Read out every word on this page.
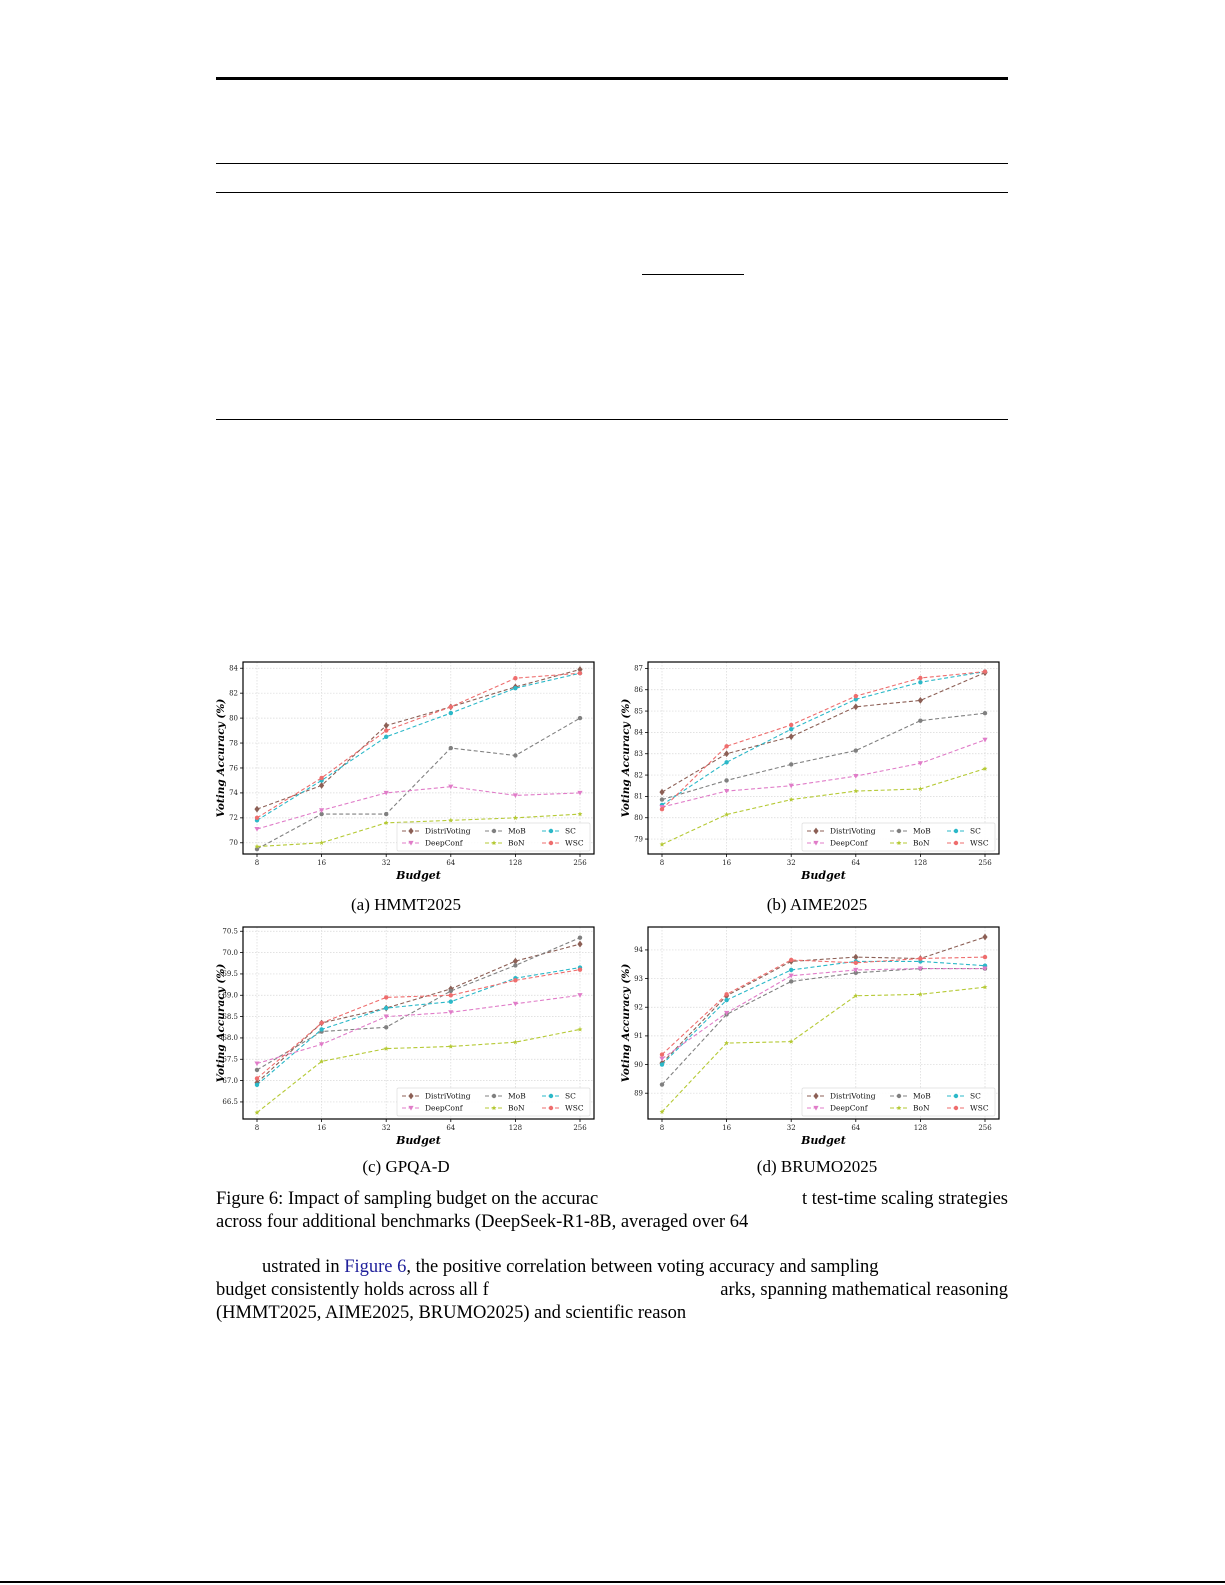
70
72
74
76
78
80
82
84
8	16	32	64	128	256
Budget
Voting Accuracy (%)
DistriVoting	MoB	SC
DeepConf	BoN	WSC
(a) HMMT2025
79
80
81
82
83
84
85
86
87
8	16	32	64	128	256
Budget
Voting Accuracy (%)
DistriVoting	MoB	SC
DeepConf	BoN	WSC
(b) AIME2025
66.5
67.0
67.5
68.0
68.5
69.0
69.5
70.0
70.5
8	16	32	64	128	256
Budget
Voting Accuracy (%)
DistriVoting	MoB	SC
DeepConf	BoN	WSC
(c) GPQA-D
89
90
91
92
93
94
8	16	32	64	128	256
Budget
Voting Accuracy (%)
DistriVoting	MoB	SC
DeepConf	BoN	WSC
(d) BRUMO2025
Figure 6: Impact of sampling budget on the accurac	t test-time scaling strategies
across four additional benchmarks (DeepSeek-R1-8B, averaged over 64
ustrated in Figure 6 , the positive correlation between voting accuracy and sampling
budget consistently holds across all f	arks, spanning mathematical reasoning
(HMMT2025, AIME2025, BRUMO2025) and scientific reason
